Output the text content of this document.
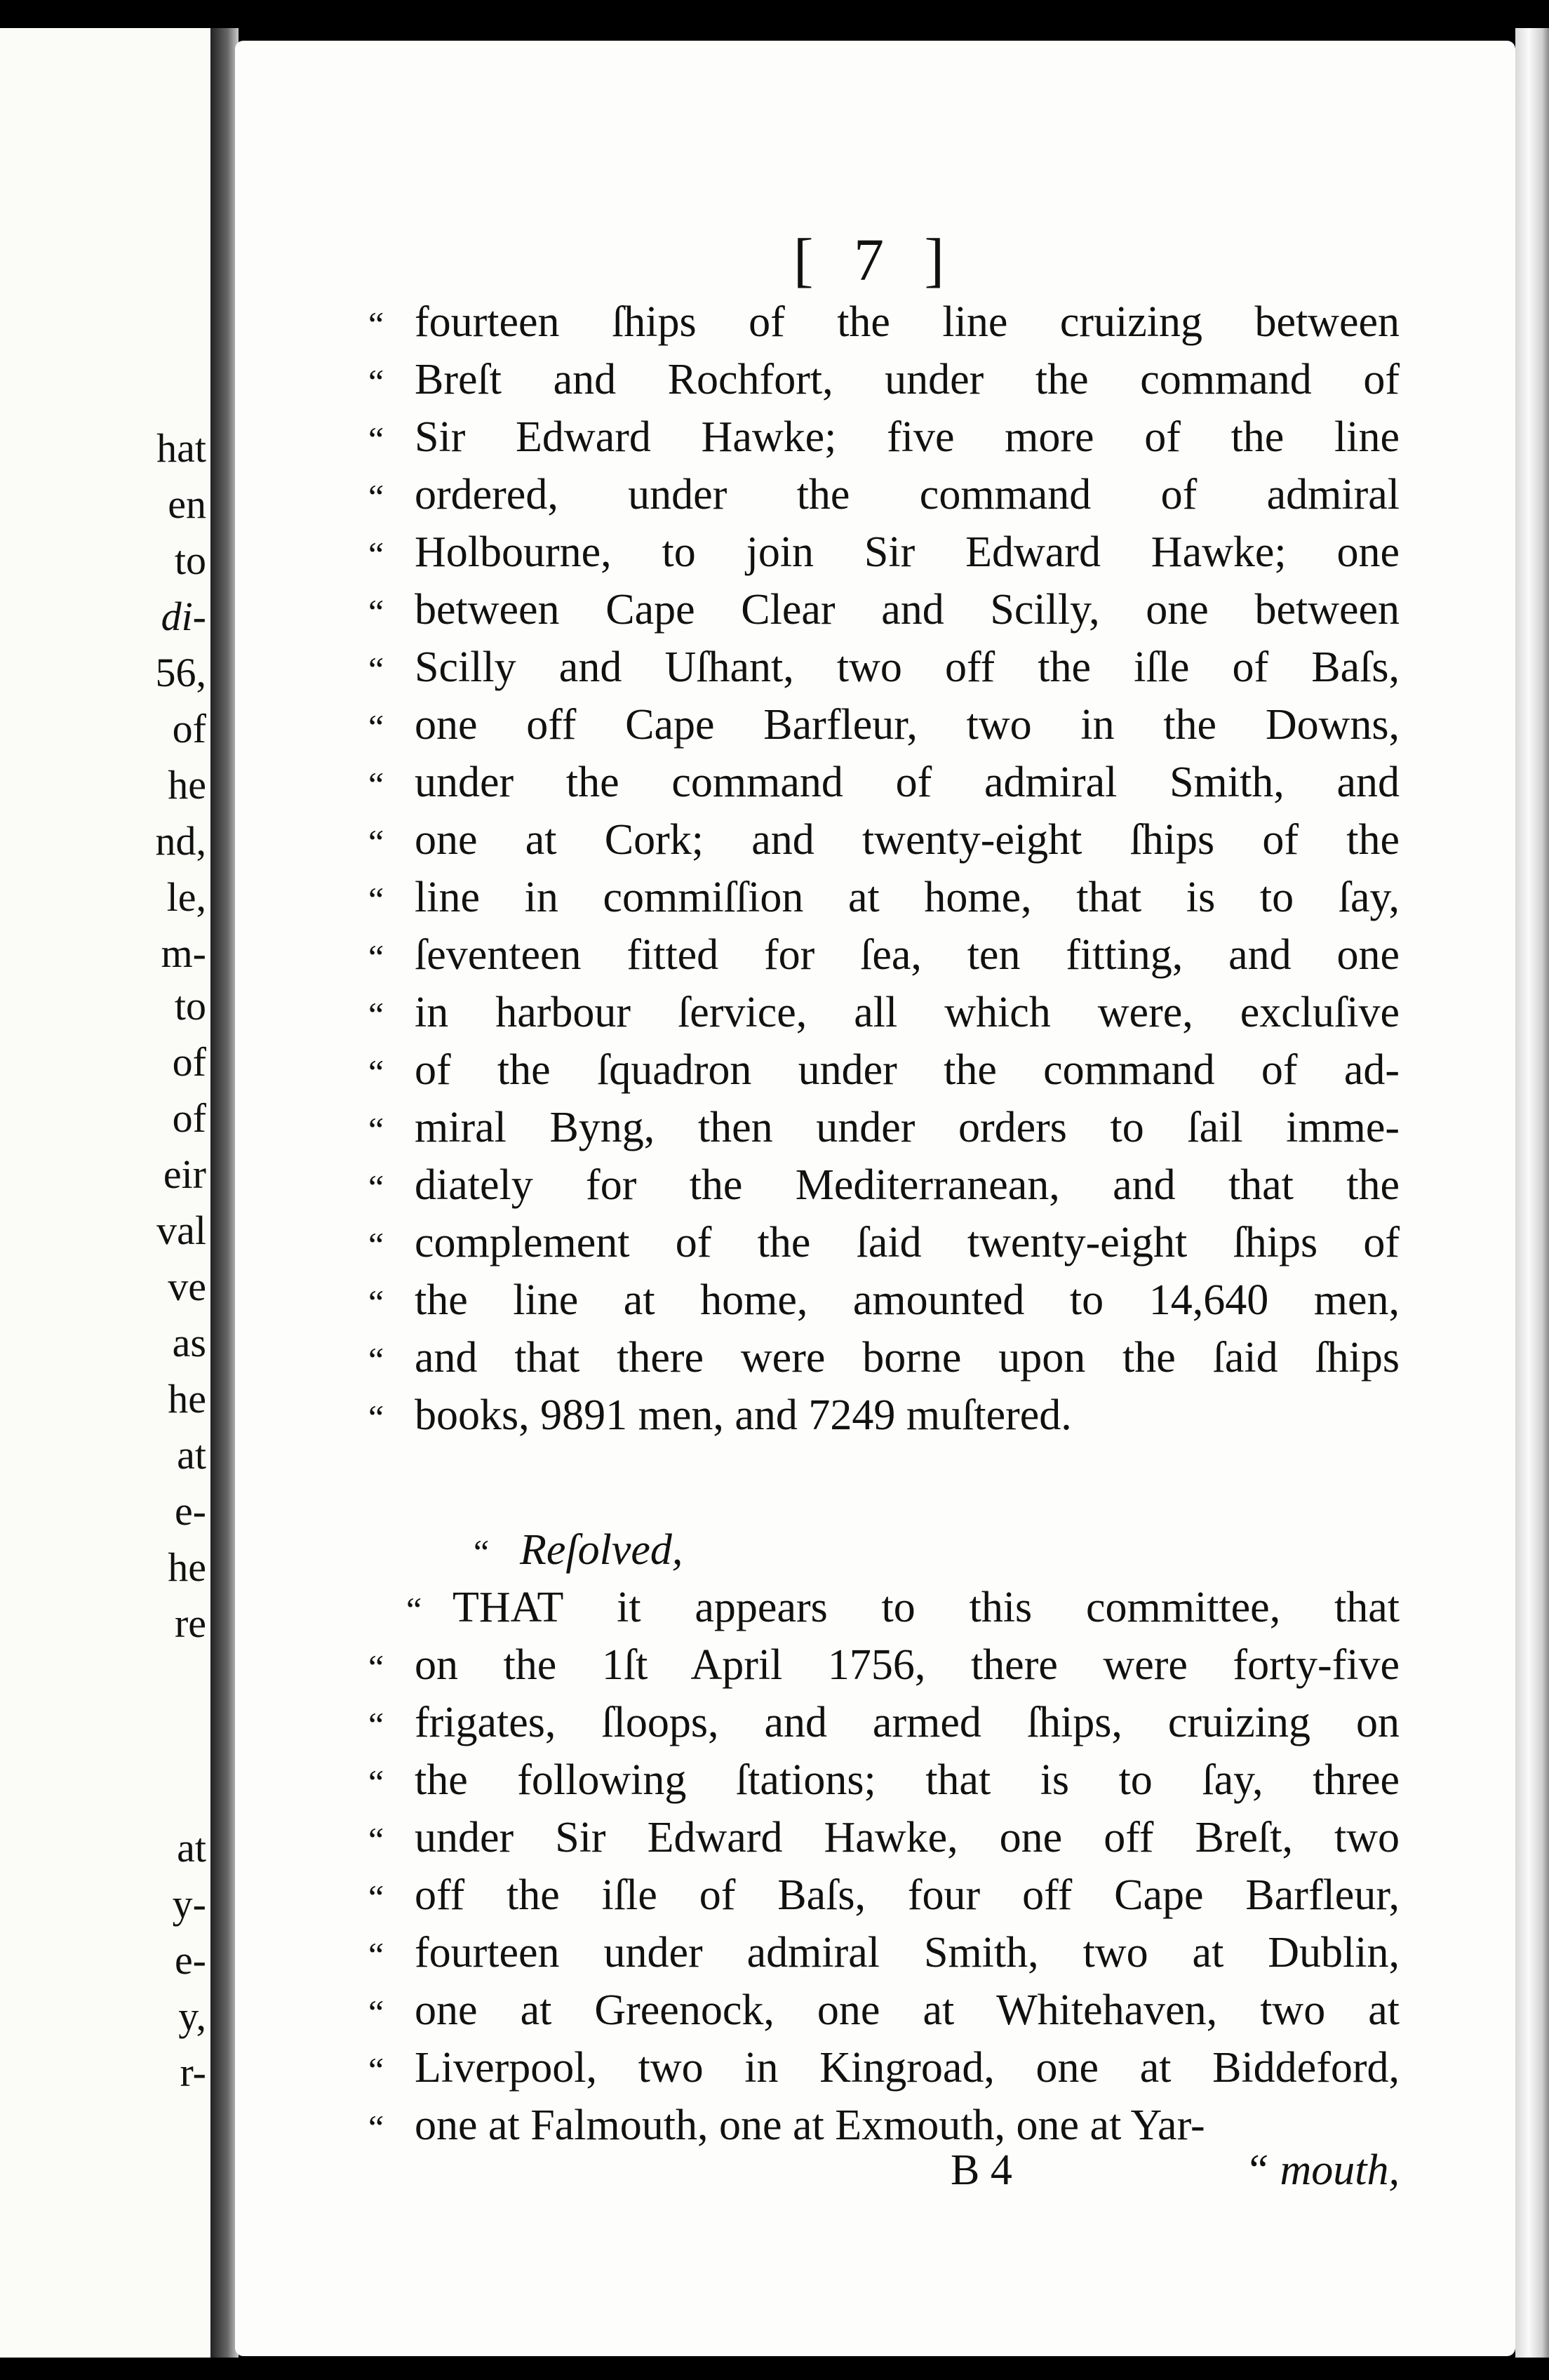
hat
en
to
di-
56,
of
he
nd,
le,
m-
to
of
of
eir
val
ve
as
he
at
e-
he
re
at
y-
e-
y,
r-
[ 7 ]
“ fourteen ſhips of the line cruizing between
“ Breſt and Rochfort, under the command of
“ Sir Edward Hawke; five more of the line
“ ordered, under the command of admiral
“ Holbourne, to join Sir Edward Hawke; one
“ between Cape Clear and Scilly, one between
“ Scilly and Uſhant, two off the iſle of Baſs,
“ one off Cape Barfleur, two in the Downs,
“ under the command of admiral Smith, and
“ one at Cork; and twenty-eight ſhips of the
“ line in commiſſion at home, that is to ſay,
“ ſeventeen fitted for ſea, ten fitting, and one
“ in harbour ſervice, all which were, excluſive
“ of the ſquadron under the command of ad-
“ miral Byng, then under orders to ſail imme-
“ diately for the Mediterranean, and that the
“ complement of the ſaid twenty-eight ſhips of
“ the line at home, amounted to 14,640 men,
“ and that there were borne upon the ſaid ſhips
“ books, 9891 men, and 7249 muſtered.
“ Reſolved,
“ THAT it appears to this committee, that
“ on the 1ſt April 1756, there were forty-five
“ frigates, ſloops, and armed ſhips, cruizing on
“ the following ſtations; that is to ſay, three
“ under Sir Edward Hawke, one off Breſt, two
“ off the iſle of Baſs, four off Cape Barfleur,
“ fourteen under admiral Smith, two at Dublin,
“ one at Greenock, one at Whitehaven, two at
“ Liverpool, two in Kingroad, one at Biddeford,
“ one at Falmouth, one at Exmouth, one at Yar-
B 4	“ mouth,
